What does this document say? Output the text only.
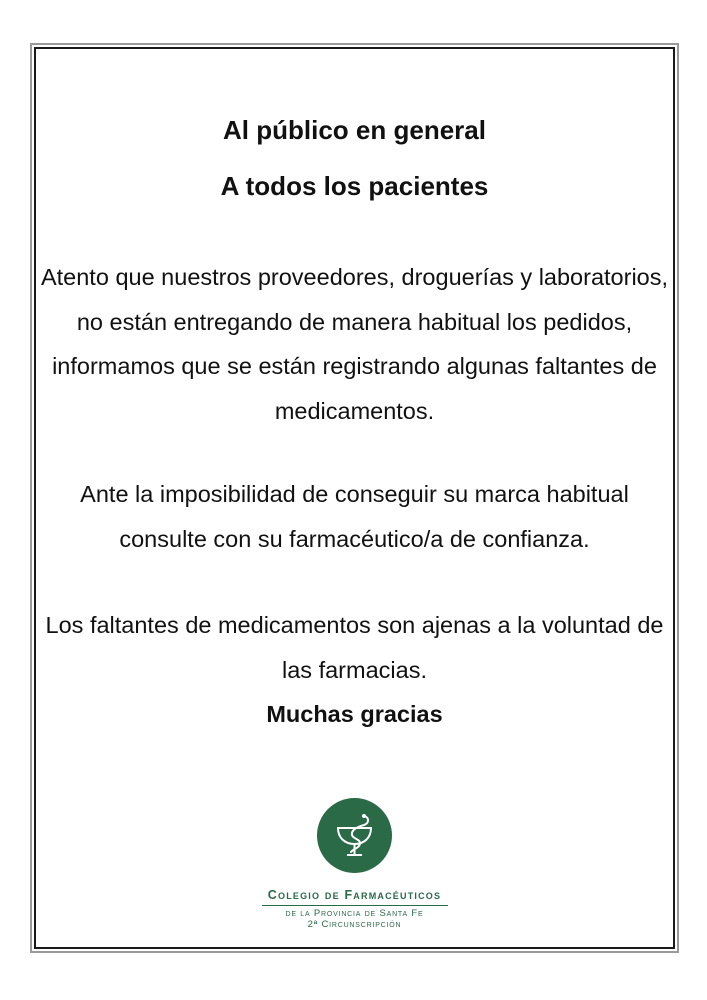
Al público en general
A todos los pacientes
Atento que nuestros proveedores, droguerías y laboratorios, no están entregando de manera habitual los pedidos, informamos que se están registrando algunas faltantes de medicamentos.
Ante la imposibilidad de conseguir su marca habitual consulte con su farmacéutico/a de confianza.
Los faltantes de medicamentos son ajenas a la voluntad de las farmacias.
Muchas gracias
Colegio de Farmacéuticos
de la Provincia de Santa Fe
2ª Circunscripción
